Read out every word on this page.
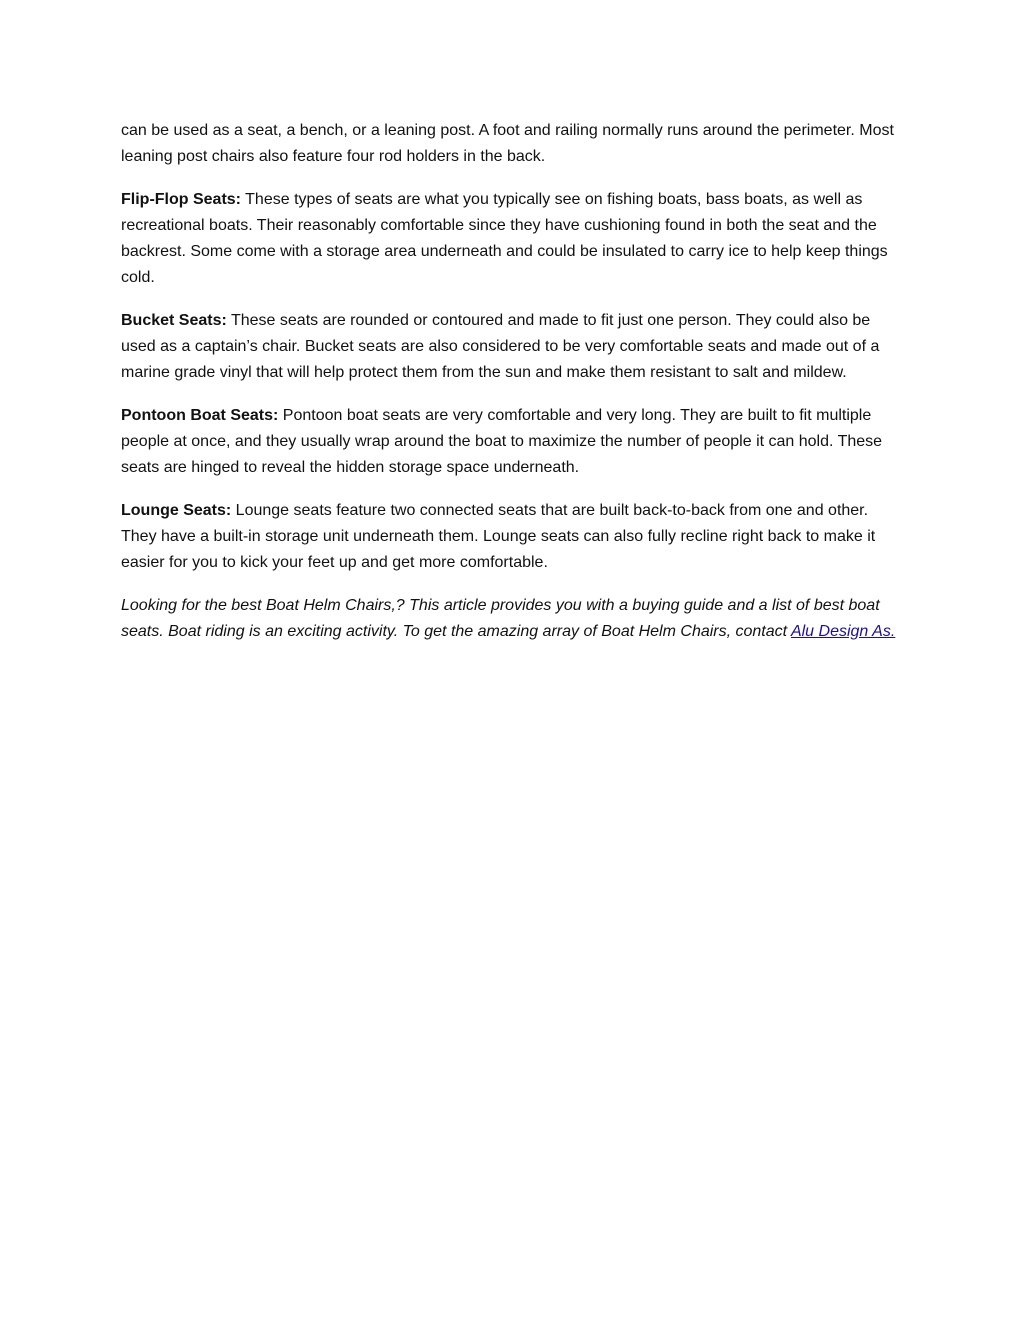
can be used as a seat, a bench, or a leaning post. A foot and railing normally runs around the perimeter. Most leaning post chairs also feature four rod holders in the back.

Flip-Flop Seats: These types of seats are what you typically see on fishing boats, bass boats, as well as recreational boats. Their reasonably comfortable since they have cushioning found in both the seat and the backrest. Some come with a storage area underneath and could be insulated to carry ice to help keep things cold.

Bucket Seats: These seats are rounded or contoured and made to fit just one person. They could also be used as a captain’s chair. Bucket seats are also considered to be very comfortable seats and made out of a marine grade vinyl that will help protect them from the sun and make them resistant to salt and mildew.

Pontoon Boat Seats: Pontoon boat seats are very comfortable and very long. They are built to fit multiple people at once, and they usually wrap around the boat to maximize the number of people it can hold. These seats are hinged to reveal the hidden storage space underneath.

Lounge Seats: Lounge seats feature two connected seats that are built back-to-back from one and other. They have a built-in storage unit underneath them. Lounge seats can also fully recline right back to make it easier for you to kick your feet up and get more comfortable.

Looking for the best Boat Helm Chairs,? This article provides you with a buying guide and a list of best boat seats. Boat riding is an exciting activity. To get the amazing array of Boat Helm Chairs, contact Alu Design As.
